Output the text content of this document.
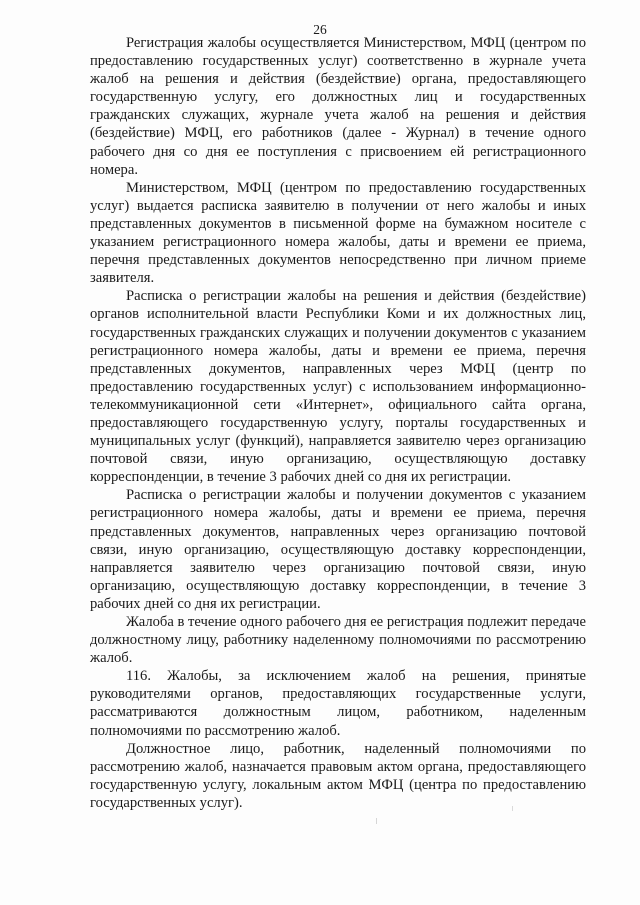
26

Регистрация жалобы осуществляется Министерством, МФЦ (центром по предоставлению государственных услуг) соответственно в журнале учета жалоб на решения и действия (бездействие) органа, предоставляющего государственную услугу, его должностных лиц и государственных гражданских служащих, журнале учета жалоб на решения и действия (бездействие) МФЦ, его работников (далее - Журнал) в течение одного рабочего дня со дня ее поступления с присвоением ей регистрационного номера.

Министерством, МФЦ (центром по предоставлению государственных услуг) выдается расписка заявителю в получении от него жалобы и иных представленных документов в письменной форме на бумажном носителе с указанием регистрационного номера жалобы, даты и времени ее приема, перечня представленных документов непосредственно при личном приеме заявителя.

Расписка о регистрации жалобы на решения и действия (бездействие) органов исполнительной власти Республики Коми и их должностных лиц, государственных гражданских служащих и получении документов с указанием регистрационного номера жалобы, даты и времени ее приема, перечня представленных документов, направленных через МФЦ (центр по предоставлению государственных услуг) с использованием информационно-телекоммуникационной сети «Интернет», официального сайта органа, предоставляющего государственную услугу, порталы государственных и муниципальных услуг (функций), направляется заявителю через организацию почтовой связи, иную организацию, осуществляющую доставку корреспонденции, в течение 3 рабочих дней со дня их регистрации.

Расписка о регистрации жалобы и получении документов с указанием регистрационного номера жалобы, даты и времени ее приема, перечня представленных документов, направленных через организацию почтовой связи, иную организацию, осуществляющую доставку корреспонденции, направляется заявителю через организацию почтовой связи, иную организацию, осуществляющую доставку корреспонденции, в течение 3 рабочих дней со дня их регистрации.

Жалоба в течение одного рабочего дня ее регистрация подлежит передаче должностному лицу, работнику наделенному полномочиями по рассмотрению жалоб.

116. Жалобы, за исключением жалоб на решения, принятые руководителями органов, предоставляющих государственные услуги, рассматриваются должностным лицом, работником, наделенным полномочиями по рассмотрению жалоб.

Должностное лицо, работник, наделенный полномочиями по рассмотрению жалоб, назначается правовым актом органа, предоставляющего государственную услугу, локальным актом МФЦ (центра по предоставлению государственных услуг).
